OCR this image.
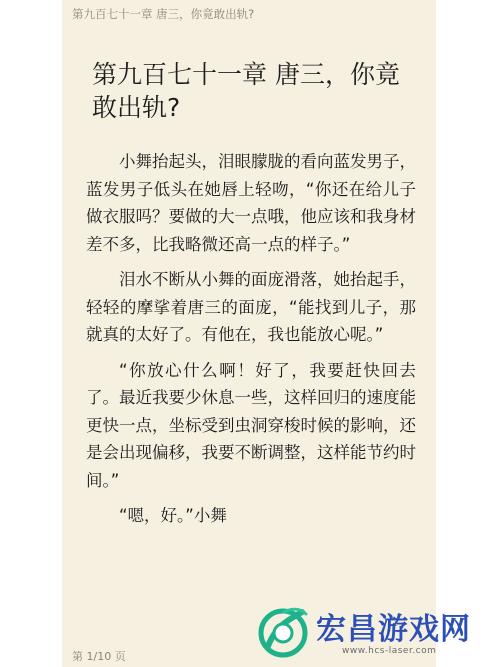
第九百七十一章 唐三，你竟敢出轨?
第九百七十一章 唐三，你竟敢出轨?

小舞抬起头，泪眼朦胧的看向蓝发男子，蓝发男子低头在她唇上轻吻，“你还在给儿子做衣服吗？要做的大一点哦，他应该和我身材差不多，比我略微还高一点的样子。”

泪水不断从小舞的面庞滑落，她抬起手，轻轻的摩挲着唐三的面庞，“能找到儿子，那就真的太好了。有他在，我也能放心呢。”

“你放心什么啊！好了，我要赶快回去了。最近我要少休息一些，这样回归的速度能更快一点，坐标受到虫洞穿梭时候的影响，还是会出现偏移，我要不断调整，这样能节约时间。”

“嗯，好。”小舞

第 1/10 页
宏昌游戏网
www.hcs-laser.com
